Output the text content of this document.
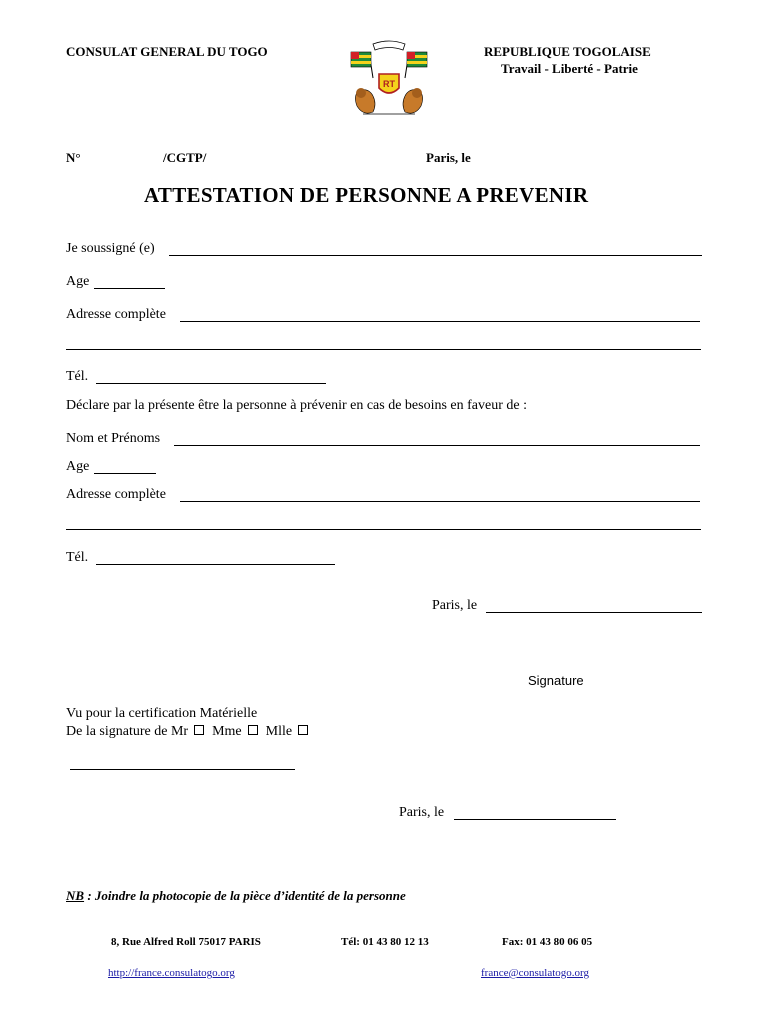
CONSULAT GENERAL DU TOGO	REPUBLIQUE TOGOLAISE
Travail - Liberté - Patrie
RT
N°	/CGTP/	Paris, le
ATTESTATION DE PERSONNE A PREVENIR
Je soussigné (e)
Age
Adresse complète
Tél.
Déclare par la présente être la personne à prévenir en cas de besoins en faveur de :
Nom et Prénoms
Age
Adresse complète
Tél.
Paris, le
Signature
Vu pour la certification Matérielle
De la signature de Mr Mme Mlle
Paris, le
NB : Joindre la photocopie de la pièce d’identité de la personne
8, Rue Alfred Roll 75017 PARIS	Tél: 01 43 80 12 13	Fax: 01 43 80 06 05
http://france.consulatogo.org	france@consulatogo.org
